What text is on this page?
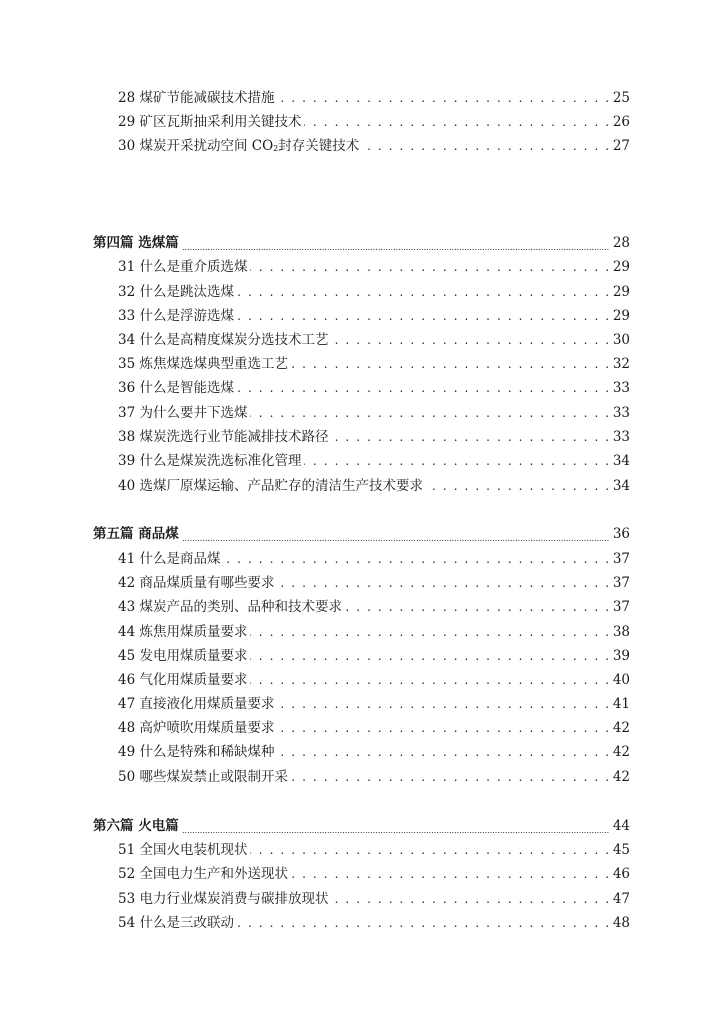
. . .
28 煤矿节能减碳技术措施	25
. . .
29 矿区瓦斯抽采利用关键技术	26
. . .
30 煤炭开采扰动空间 $CO_2$封存关键技术	27
.....
第四篇 选煤篇	28
. . .
31 什么是重介质选煤	29
. . .
32 什么是跳汰选煤	29
. . .
33 什么是浮游选煤	29
. . .
34 什么是高精度煤炭分选技术工艺	30
. . .
35 炼焦煤选煤典型重选工艺	32
. . .
36 什么是智能选煤	33
. . .
37 为什么要井下选煤	33
. . .
38 煤炭洗选行业节能减排技术路径	33
. . .
39 什么是煤炭洗选标准化管理	34
. . .
40 选煤厂原煤运输、产品贮存的清洁生产技术要求	34
.....
第五篇 商品煤	36
. . .
41 什么是商品煤	37
. . .
42 商品煤质量有哪些要求	37
. . .
43 煤炭产品的类别、品种和技术要求	37
. . .
44 炼焦用煤质量要求	38
. . .
45 发电用煤质量要求	39
. . .
46 气化用煤质量要求	40
. . .
47 直接液化用煤质量要求	41
. . .
48 高炉喷吹用煤质量要求	42
. . .
49 什么是特殊和稀缺煤种	42
. . .
50 哪些煤炭禁止或限制开采	42
.....
第六篇 火电篇	44
. . .
51 全国火电装机现状	45
. . .
52 全国电力生产和外送现状	46
. . .
53 电力行业煤炭消费与碳排放现状	47
. . .
54 什么是三改联动	48
